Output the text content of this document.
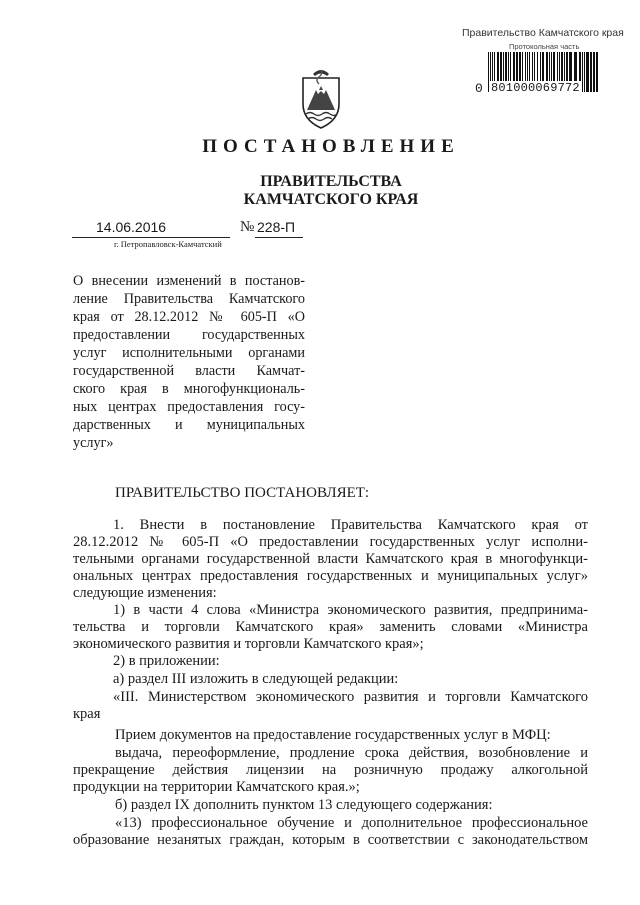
Правительство Камчатского края
Протокольная часть
0 801000069772
ПОСТАНОВЛЕНИЕ
ПРАВИТЕЛЬСТВА
КАМЧАТСКОГО КРАЯ
14.06.2016	№ 228-П
г. Петропавловск-Камчатский
О внесении изменений в постанов-
ление Правительства Камчатского
края от 28.12.2012 № 605-П «О
предоставлении государственных
услуг исполнительными органами
государственной власти Камчат-
ского края в многофункциональ-
ных центрах предоставления госу-
дарственных и муниципальных
услуг»
ПРАВИТЕЛЬСТВО ПОСТАНОВЛЯЕТ:
1. Внести в постановление Правительства Камчатского края от
28.12.2012 № 605-П «О предоставлении государственных услуг исполни-
тельными органами государственной власти Камчатского края в многофункци-
ональных центрах предоставления государственных и муниципальных услуг»
следующие изменения:
1) в части 4 слова «Министра экономического развития, предпринима-
тельства и торговли Камчатского края» заменить словами «Министра
экономического развития и торговли Камчатского края»;
2) в приложении:
а) раздел III изложить в следующей редакции:
«III. Министерством экономического развития и торговли Камчатского
края
Прием документов на предоставление государственных услуг в МФЦ:
выдача, переоформление, продление срока действия, возобновление и
прекращение действия лицензии на розничную продажу алкогольной
продукции на территории Камчатского края.»;
б) раздел IX дополнить пунктом 13 следующего содержания:
«13) профессиональное обучение и дополнительное профессиональное
образование незанятых граждан, которым в соответствии с законодательством
